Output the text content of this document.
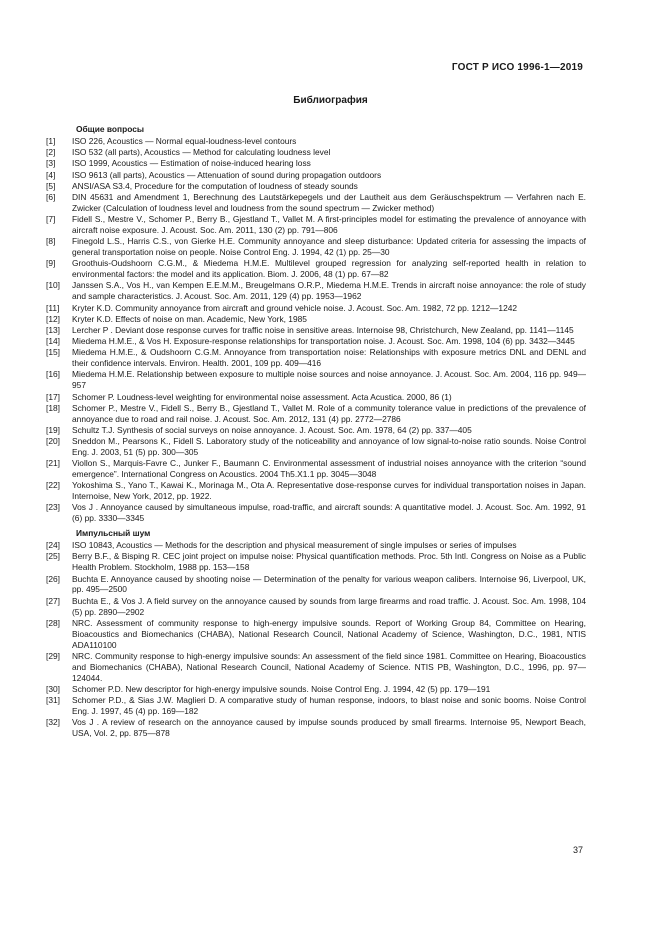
ГОСТ Р ИСО 1996-1—2019
Библиография
Общие вопросы
[1]	ISO 226, Acoustics — Normal equal-loudness-level contours
[2]	ISO 532 (all parts), Acoustics — Method for calculating loudness level
[3]	ISO 1999, Acoustics — Estimation of noise-induced hearing loss
[4]	ISO 9613 (all parts), Acoustics — Attenuation of sound during propagation outdoors
[5]	ANSI/ASA S3.4, Procedure for the computation of loudness of steady sounds
[6]	DIN 45631 and Amendment 1, Berechnung des Lautstärkepegels und der Lautheit aus dem Geräuschspektrum — Verfahren nach E. Zwicker (Calculation of loudness level and loudness from the sound spectrum — Zwicker method)
[7]	Fidell S., Mestre V., Schomer P., Berry B., Gjestland T., Vallet M. A first-principles model for estimating the prevalence of annoyance with aircraft noise exposure. J. Acoust. Soc. Am. 2011, 130 (2) pp. 791—806
[8]	Finegold L.S., Harris C.S., von Gierke H.E. Community annoyance and sleep disturbance: Updated criteria for assessing the impacts of general transportation noise on people. Noise Control Eng. J. 1994, 42 (1) pp. 25—30
[9]	Groothuis-Oudshoorn C.G.M., & Miedema H.M.E. Multilevel grouped regression for analyzing self-reported health in relation to environmental factors: the model and its application. Biom. J. 2006, 48 (1) pp. 67—82
[10]	Janssen S.A., Vos H., van Kempen E.E.M.M., Breugelmans O.R.P., Miedema H.M.E. Trends in aircraft noise annoyance: the role of study and sample characteristics. J. Acoust. Soc. Am. 2011, 129 (4) pp. 1953—1962
[11]	Kryter K.D. Community annoyance from aircraft and ground vehicle noise. J. Acoust. Soc. Am. 1982, 72 pp. 1212—1242
[12]	Kryter K.D. Effects of noise on man. Academic, New York, 1985
[13]	Lercher P . Deviant dose response curves for traffic noise in sensitive areas. Internoise 98, Christchurch, New Zealand, pp. 1141—1145
[14]	Miedema H.M.E., & Vos H. Exposure-response relationships for transportation noise. J. Acoust. Soc. Am. 1998, 104 (6) pp. 3432—3445
[15]	Miedema H.M.E., & Oudshoorn C.G.M. Annoyance from transportation noise: Relationships with exposure metrics DNL and DENL and their confidence intervals. Environ. Health. 2001, 109 pp. 409—416
[16]	Miedema H.M.E. Relationship between exposure to multiple noise sources and noise annoyance. J. Acoust. Soc. Am. 2004, 116 pp. 949—957
[17]	Schomer P. Loudness-level weighting for environmental noise assessment. Acta Acustica. 2000, 86 (1)
[18]	Schomer P., Mestre V., Fidell S., Berry B., Gjestland T., Vallet M. Role of a community tolerance value in predictions of the prevalence of annoyance due to road and rail noise. J. Acoust. Soc. Am. 2012, 131 (4) pp. 2772—2786
[19]	Schultz T.J. Synthesis of social surveys on noise annoyance. J. Acoust. Soc. Am. 1978, 64 (2) pp. 337—405
[20]	Sneddon M., Pearsons K., Fidell S. Laboratory study of the noticeability and annoyance of low signal-to-noise ratio sounds. Noise Control Eng. J. 2003, 51 (5) pp. 300—305
[21]	Viollon S., Marquis-Favre C., Junker F., Baumann C. Environmental assessment of industrial noises annoyance with the criterion “sound emergence”. International Congress on Acoustics. 2004 Th5.X1.1 pp. 3045—3048
[22]	Yokoshima S., Yano T., Kawai K., Morinaga M., Ota A. Representative dose-response curves for individual transportation noises in Japan. Internoise, New York, 2012, pp. 1922.
[23]	Vos J . Annoyance caused by simultaneous impulse, road-traffic, and aircraft sounds: A quantitative model. J. Acoust. Soc. Am. 1992, 91 (6) pp. 3330—3345
Импульсный шум
[24]	ISO 10843, Acoustics — Methods for the description and physical measurement of single impulses or series of impulses
[25]	Berry B.F., & Bisping R. CEC joint project on impulse noise: Physical quantification methods. Proc. 5th Intl. Congress on Noise as a Public Health Problem. Stockholm, 1988 pp. 153—158
[26]	Buchta E. Annoyance caused by shooting noise — Determination of the penalty for various weapon calibers. Internoise 96, Liverpool, UK, pp. 495—2500
[27]	Buchta E., & Vos J. A field survey on the annoyance caused by sounds from large firearms and road traffic. J. Acoust. Soc. Am. 1998, 104 (5) pp. 2890—2902
[28]	NRC. Assessment of community response to high-energy impulsive sounds. Report of Working Group 84, Committee on Hearing, Bioacoustics and Biomechanics (CHABA), National Research Council, National Academy of Science, Washington, D.C., 1981, NTIS ADA110100
[29]	NRC. Community response to high-energy impulsive sounds: An assessment of the field since 1981. Committee on Hearing, Bioacoustics and Biomechanics (CHABA), National Research Council, National Academy of Science. NTIS PB, Washington, D.C., 1996, pp. 97—124044.
[30]	Schomer P.D. New descriptor for high-energy impulsive sounds. Noise Control Eng. J. 1994, 42 (5) pp. 179—191
[31]	Schomer P.D., & Sias J.W. Maglieri D. A comparative study of human response, indoors, to blast noise and sonic booms. Noise Control Eng. J. 1997, 45 (4) pp. 169—182
[32]	Vos J . A review of research on the annoyance caused by impulse sounds produced by small firearms. Internoise 95, Newport Beach, USA, Vol. 2, pp. 875—878
37
